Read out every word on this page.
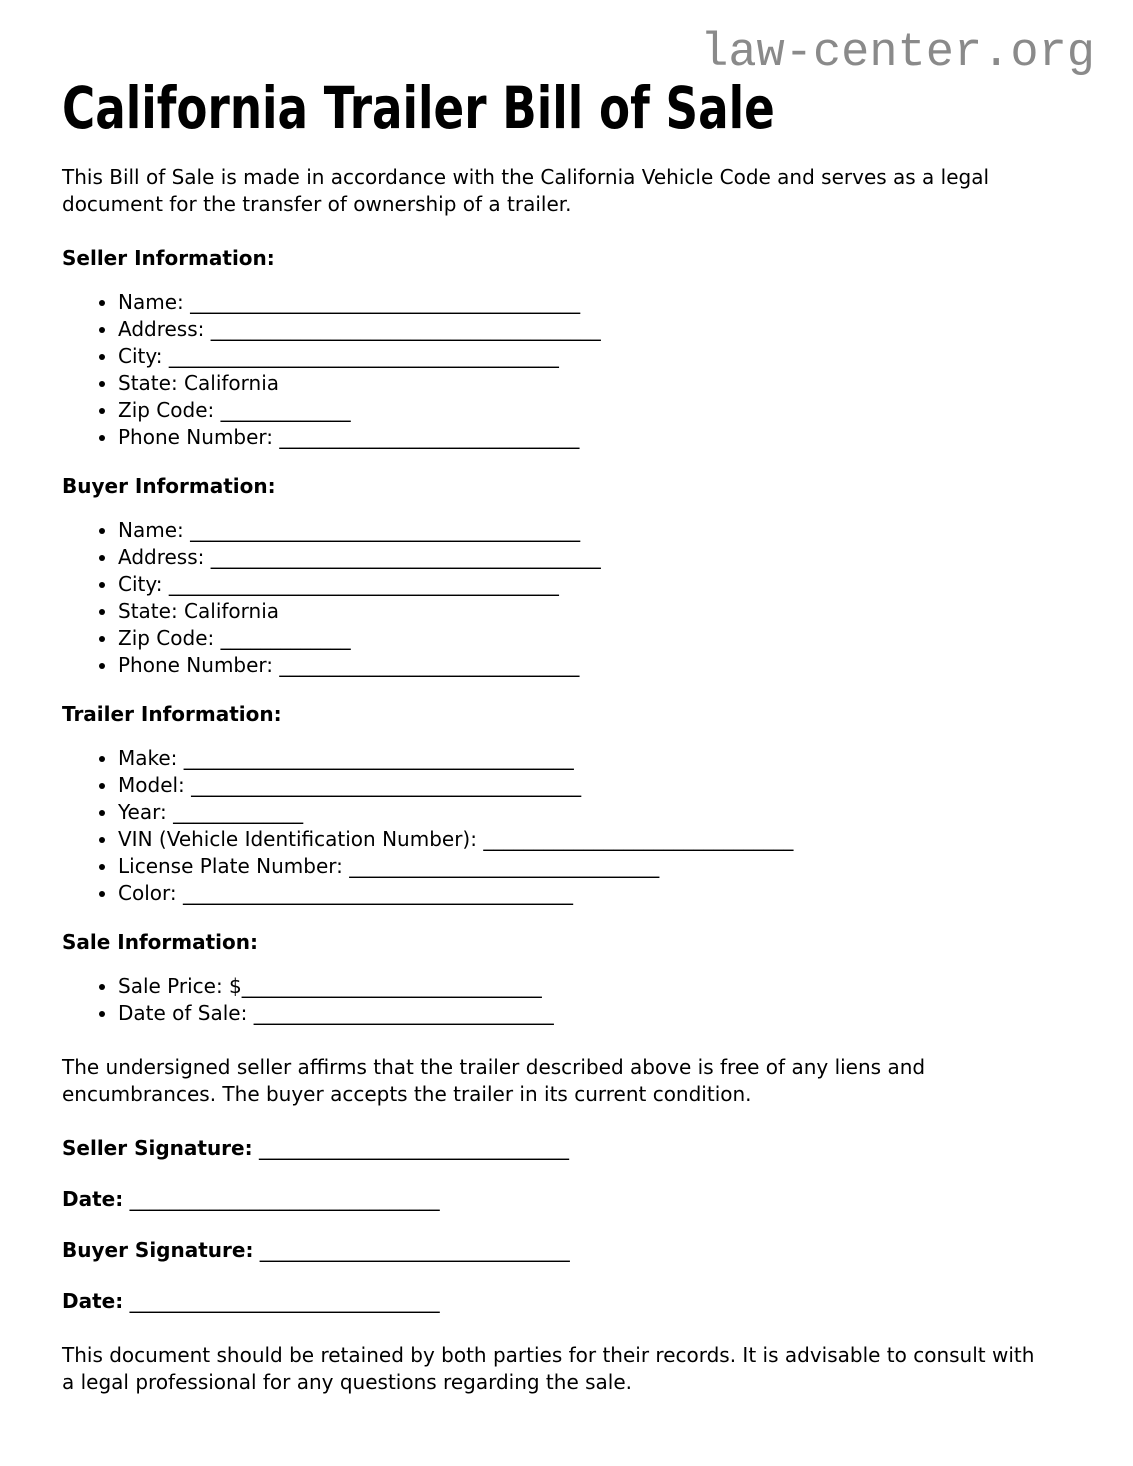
law-center.org
California Trailer Bill of Sale

This Bill of Sale is made in accordance with the California Vehicle Code and serves as a legal document for the transfer of ownership of a trailer.

Seller Information:
• Name: _______________________________________
• Address: _______________________________________
• City: _______________________________________
• State: California
• Zip Code: _____________
• Phone Number: ______________________________
Buyer Information:
• Name: _______________________________________
• Address: _______________________________________
• City: _______________________________________
• State: California
• Zip Code: _____________
• Phone Number: ______________________________
Trailer Information:
• Make: _______________________________________
• Model: _______________________________________
• Year: _____________
• VIN (Vehicle Identification Number): _______________________________
• License Plate Number: _______________________________
• Color: _______________________________________
Sale Information:
• Sale Price: $______________________________
• Date of Sale: ______________________________

The undersigned seller affirms that the trailer described above is free of any liens and encumbrances. The buyer accepts the trailer in its current condition.

Seller Signature: _______________________________

Date: _______________________________

Buyer Signature: _______________________________

Date: _______________________________

This document should be retained by both parties for their records. It is advisable to consult with a legal professional for any questions regarding the sale.
